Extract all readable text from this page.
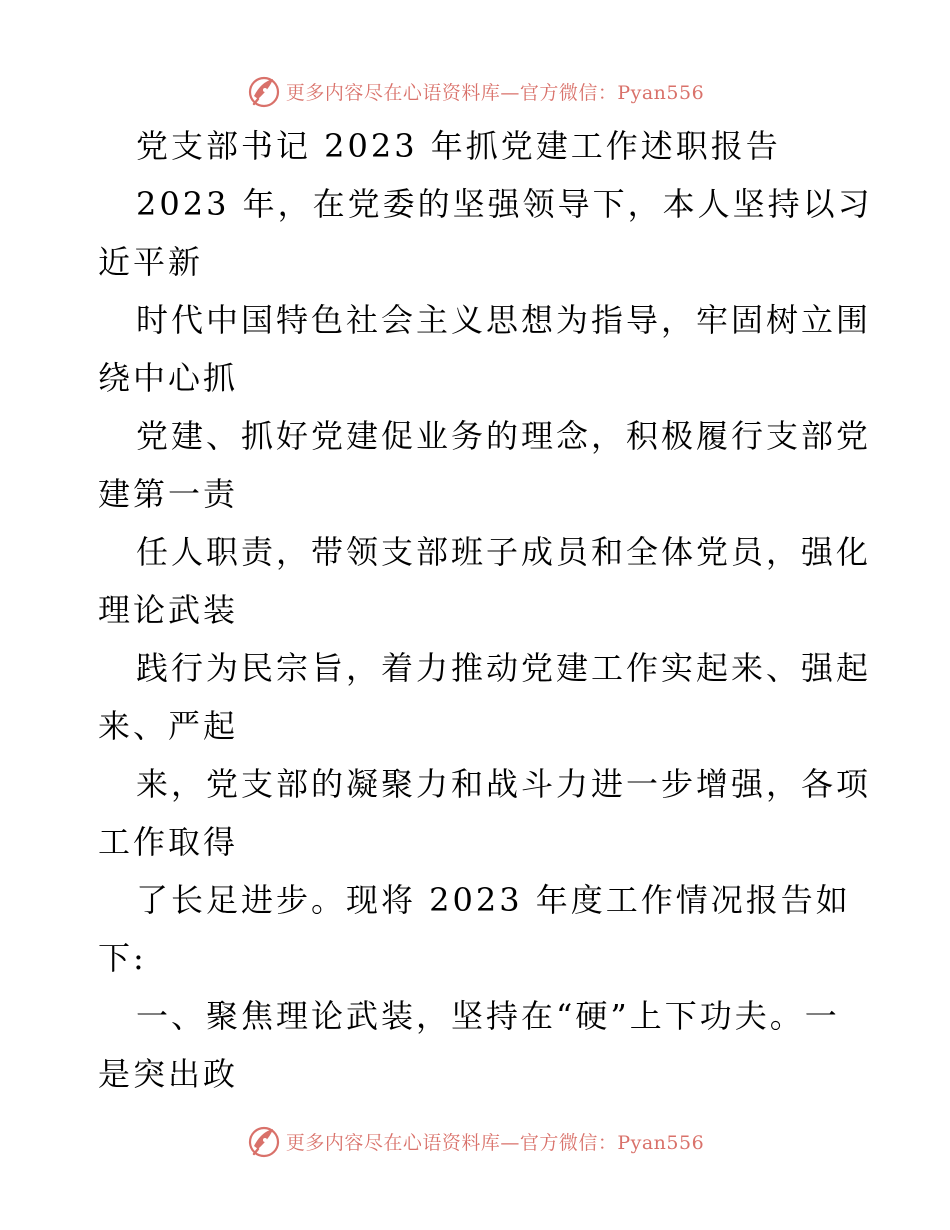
更多内容尽在心语资料库—官方微信：Pyan556
党支部书记 2023 年抓党建工作述职报告
2023 年，在党委的坚强领导下，本人坚持以习
近平新
时代中国特色社会主义思想为指导，牢固树立围
绕中心抓
党建、抓好党建促业务的理念，积极履行支部党
建第一责
任人职责，带领支部班子成员和全体党员，强化
理论武装
践行为民宗旨，着力推动党建工作实起来、强起
来、严起
来，党支部的凝聚力和战斗力进一步增强，各项
工作取得
了长足进步。现将 2023 年度工作情况报告如
下:
一、聚焦理论武装，坚持在“硬”上下功夫。一
是突出政
更多内容尽在心语资料库—官方微信：Pyan556
